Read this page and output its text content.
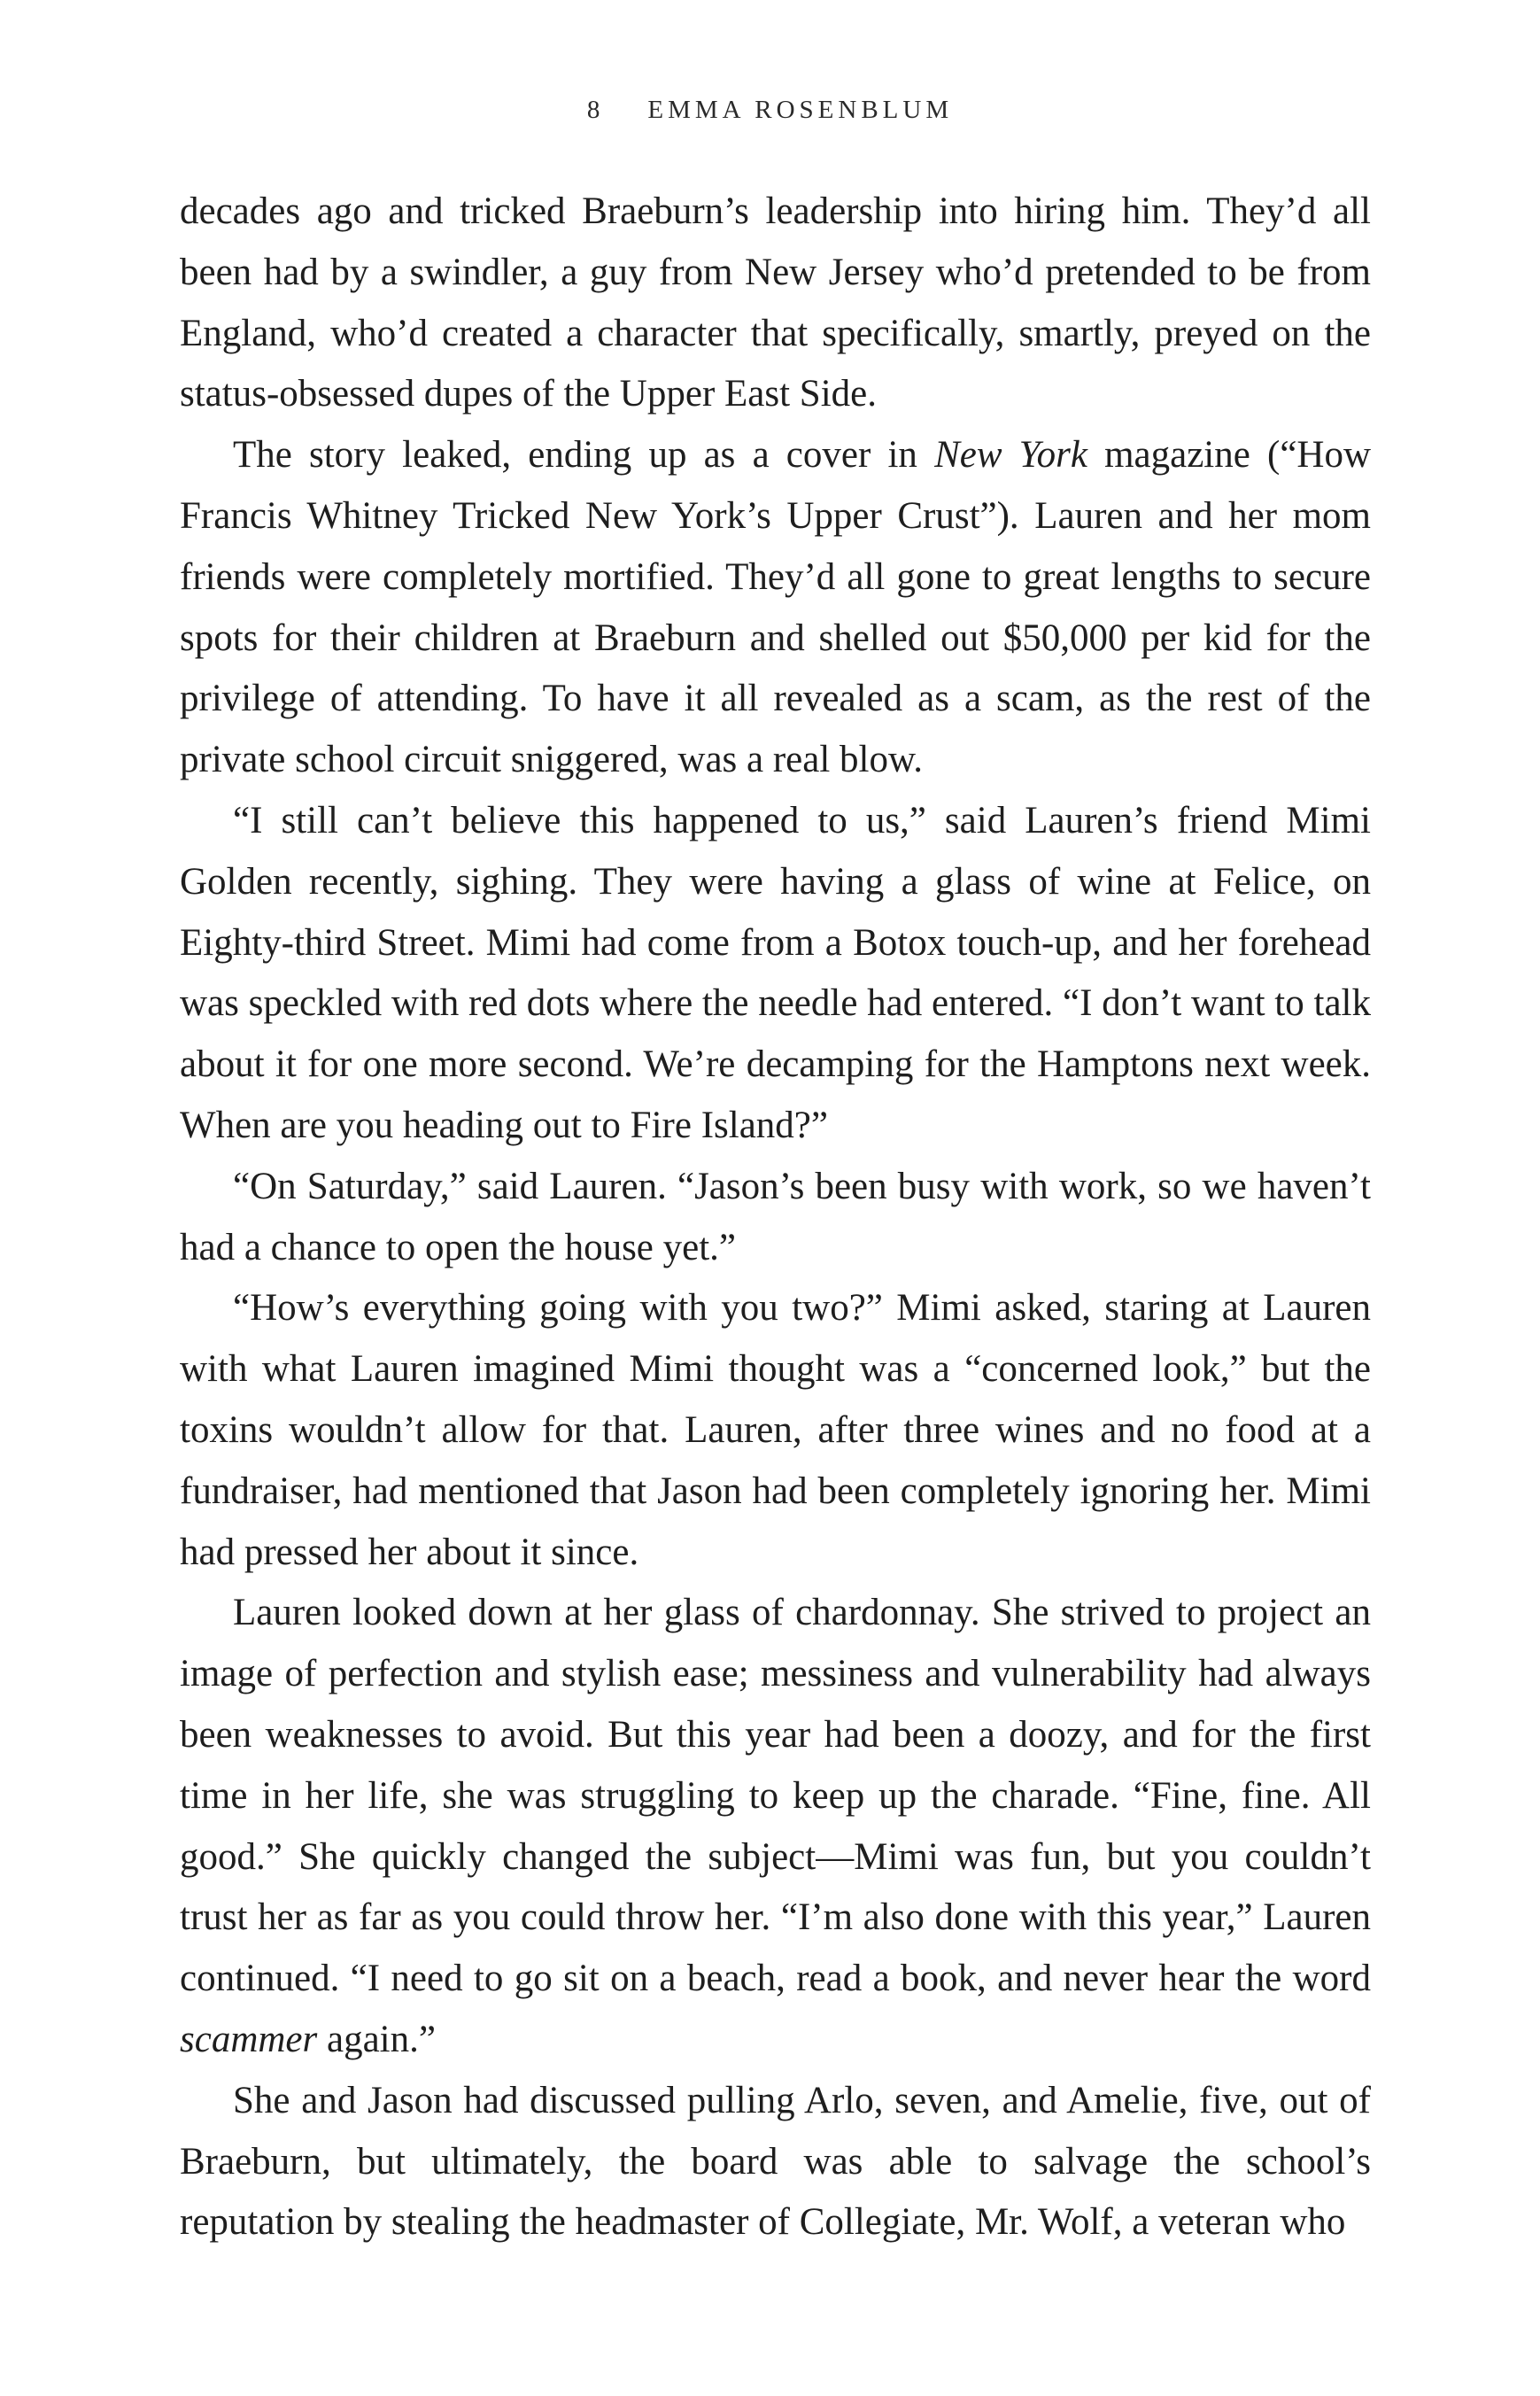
8 EMMA ROSENBLUM

decades ago and tricked Braeburn’s leadership into hiring him. They’d all been had by a swindler, a guy from New Jersey who’d pretended to be from England, who’d created a character that specifically, smartly, preyed on the status-obsessed dupes of the Upper East Side.

The story leaked, ending up as a cover in New York magazine (“How Francis Whitney Tricked New York’s Upper Crust”). Lauren and her mom friends were completely mortified. They’d all gone to great lengths to secure spots for their children at Braeburn and shelled out $50,000 per kid for the privilege of attending. To have it all revealed as a scam, as the rest of the private school circuit sniggered, was a real blow.

“I still can’t believe this happened to us,” said Lauren’s friend Mimi Golden recently, sighing. They were having a glass of wine at Felice, on Eighty-third Street. Mimi had come from a Botox touch-up, and her forehead was speckled with red dots where the needle had entered. “I don’t want to talk about it for one more second. We’re decamping for the Hamptons next week. When are you heading out to Fire Island?”

“On Saturday,” said Lauren. “Jason’s been busy with work, so we haven’t had a chance to open the house yet.”

“How’s everything going with you two?” Mimi asked, staring at Lauren with what Lauren imagined Mimi thought was a “concerned look,” but the toxins wouldn’t allow for that. Lauren, after three wines and no food at a fundraiser, had mentioned that Jason had been completely ignoring her. Mimi had pressed her about it since.

Lauren looked down at her glass of chardonnay. She strived to project an image of perfection and stylish ease; messiness and vulnerability had always been weaknesses to avoid. But this year had been a doozy, and for the first time in her life, she was struggling to keep up the charade. “Fine, fine. All good.” She quickly changed the subject—Mimi was fun, but you couldn’t trust her as far as you could throw her. “I’m also done with this year,” Lauren continued. “I need to go sit on a beach, read a book, and never hear the word scammer again.”

She and Jason had discussed pulling Arlo, seven, and Amelie, five, out of Braeburn, but ultimately, the board was able to salvage the school’s reputation by stealing the headmaster of Collegiate, Mr. Wolf, a veteran who
